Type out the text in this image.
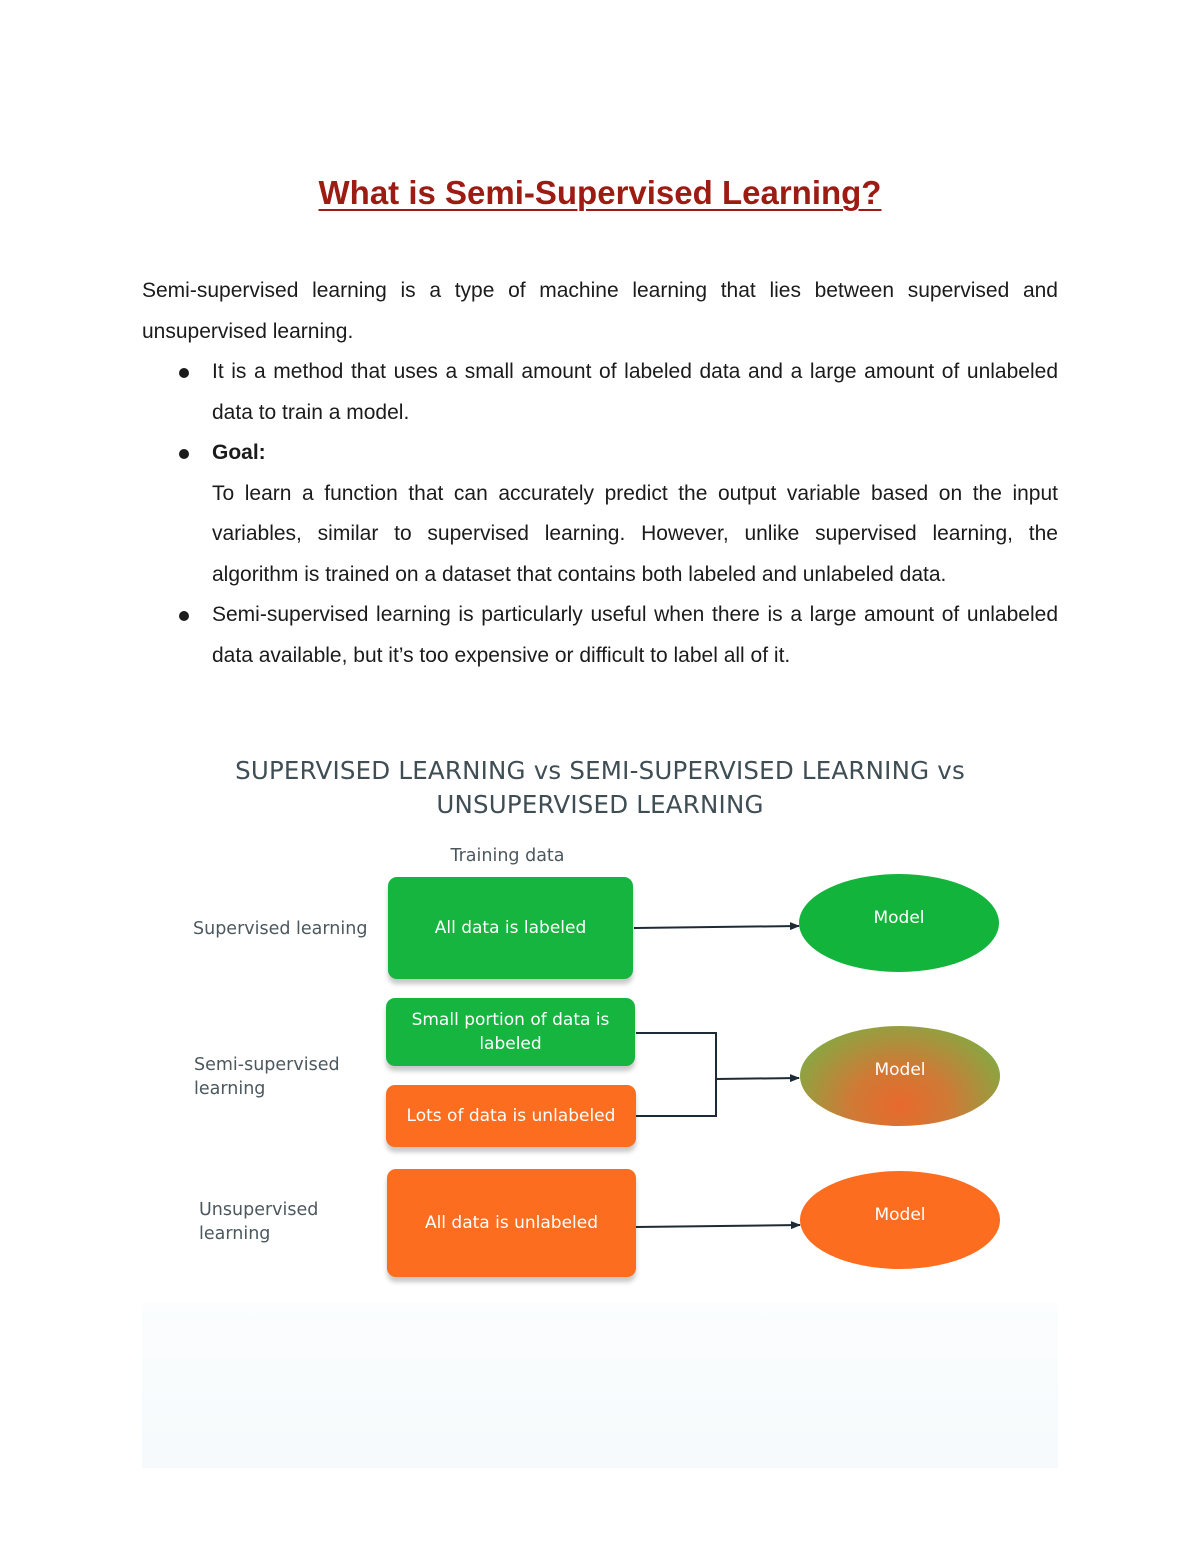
What is Semi-Supervised Learning?

Semi-supervised learning is a type of machine learning that lies between supervised and unsupervised learning.

It is a method that uses a small amount of labeled data and a large amount of unlabeled data to train a model.
Goal:
To learn a function that can accurately predict the output variable based on the input variables, similar to supervised learning. However, unlike supervised learning, the algorithm is trained on a dataset that contains both labeled and unlabeled data.
Semi-supervised learning is particularly useful when there is a large amount of unlabeled data available, but it’s too expensive or difficult to label all of it.
SUPERVISED LEARNING vs SEMI-SUPERVISED LEARNING vs
UNSUPERVISED LEARNING
Training data
Supervised learning	All data is labeled	Model
Semi-supervised
learning
Small portion of data is labeled
Lots of data is unlabeled
Model
Unsupervised
learning
All data is unlabeled	Model
